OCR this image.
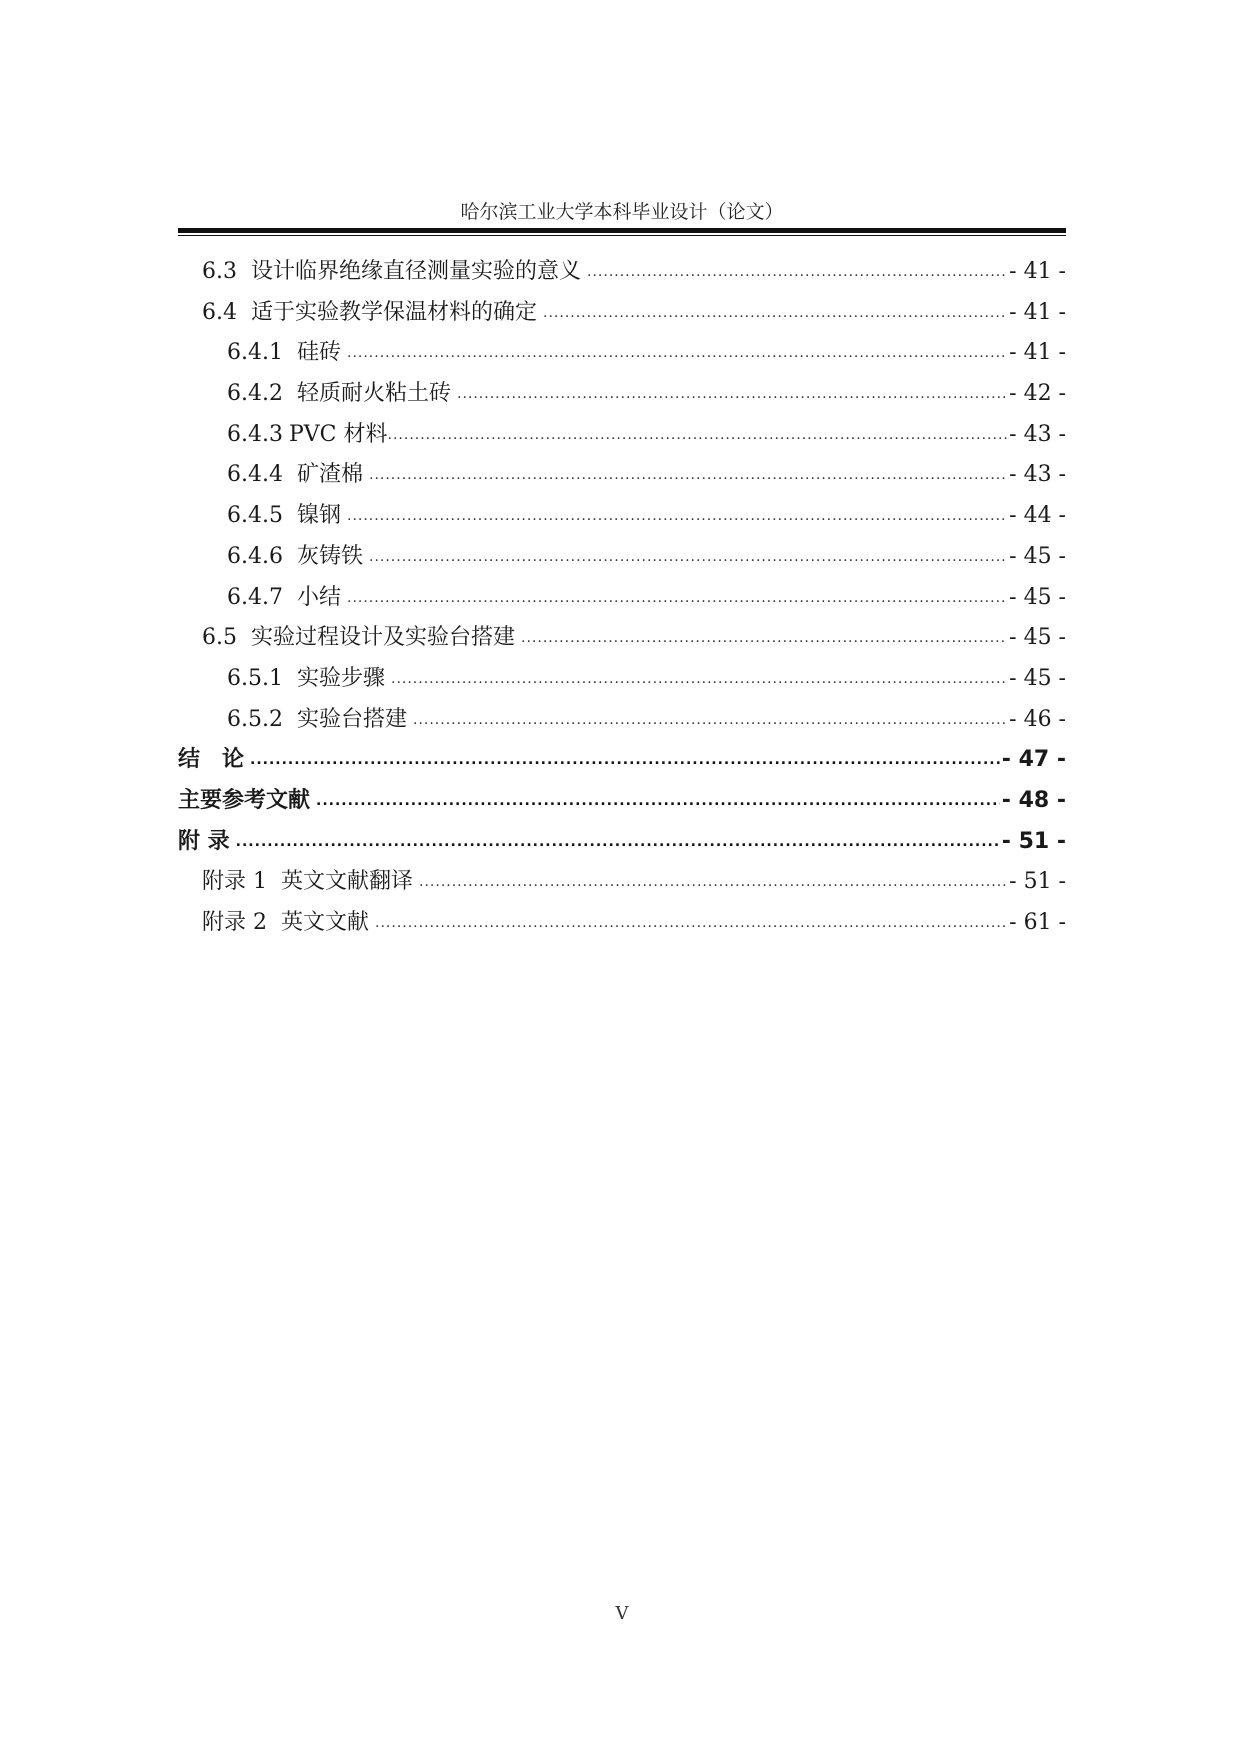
哈尔滨工业大学本科毕业设计（论文）
6.3 设计临界绝缘直径测量实验的意义 .....	- 41 -
6.4 适于实验教学保温材料的确定 .....	- 41 -
6.4.1 硅砖 .....	- 41 -
6.4.2 轻质耐火粘土砖 .....	- 42 -
6.4.3 PVC 材料 .....	- 43 -
6.4.4 矿渣棉 .....	- 43 -
6.4.5 镍钢 .....	- 44 -
6.4.6 灰铸铁 .....	- 45 -
6.4.7 小结 .....	- 45 -
6.5 实验过程设计及实验台搭建 .....	- 45 -
6.5.1 实验步骤 .....	- 45 -
6.5.2 实验台搭建 .....	- 46 -
结　论 .....	- 47 -
主要参考文献 .....	- 48 -
附 录 .....	- 51 -
附录 1 英文文献翻译 .....	- 51 -
附录 2 英文文献 .....	- 61 -
V
